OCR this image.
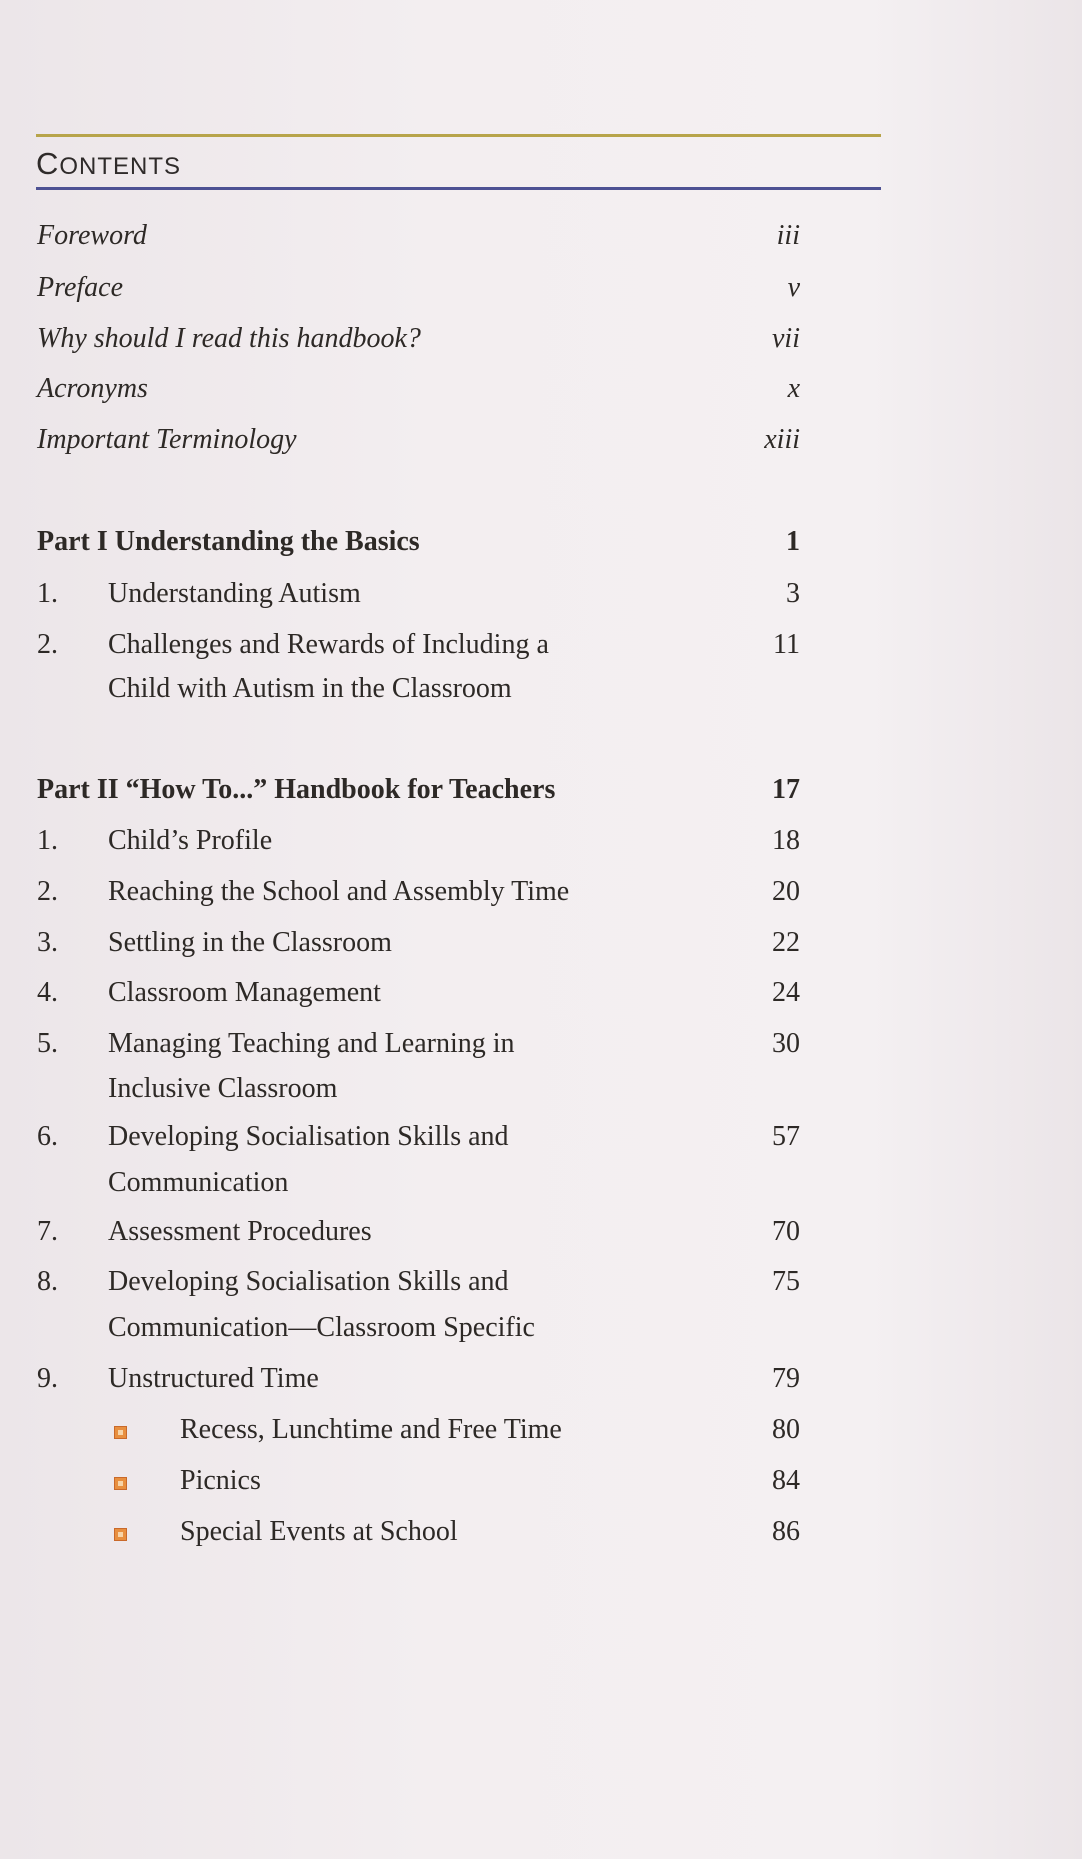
CONTENTS
Foreword	iii
Preface	v
Why should I read this handbook?	vii
Acronyms	x
Important Terminology	xiii
Part I Understanding the Basics	1
1. Understanding Autism	3
2. Challenges and Rewards of Including a	11
Child with Autism in the Classroom
Part II “How To...” Handbook for Teachers	17
1. Child’s Profile	18
2. Reaching the School and Assembly Time	20
3. Settling in the Classroom	22
4. Classroom Management	24
5. Managing Teaching and Learning in	30
Inclusive Classroom
6. Developing Socialisation Skills and	57
Communication
7. Assessment Procedures	70
8. Developing Socialisation Skills and	75
Communication—Classroom Specific
9. Unstructured Time	79
Recess, Lunchtime and Free Time	80
Picnics	84
Special Events at School	86
